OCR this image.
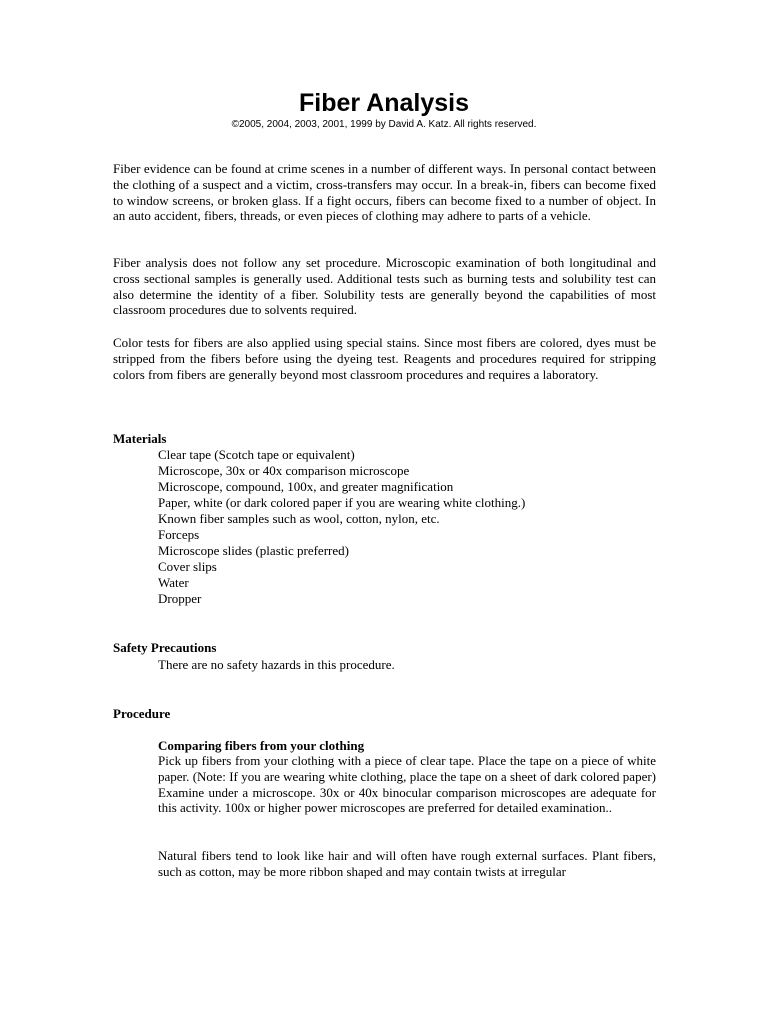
Fiber Analysis
©2005, 2004, 2003, 2001, 1999 by David A. Katz. All rights reserved.

Fiber evidence can be found at crime scenes in a number of different ways. In personal contact between the clothing of a suspect and a victim, cross-transfers may occur. In a break-in, fibers can become fixed to window screens, or broken glass. If a fight occurs, fibers can become fixed to a number of object. In an auto accident, fibers, threads, or even pieces of clothing may adhere to parts of a vehicle.

Fiber analysis does not follow any set procedure. Microscopic examination of both longitudinal and cross sectional samples is generally used. Additional tests such as burning tests and solubility test can also determine the identity of a fiber. Solubility tests are generally beyond the capabilities of most classroom procedures due to solvents required.

Color tests for fibers are also applied using special stains. Since most fibers are colored, dyes must be stripped from the fibers before using the dyeing test. Reagents and procedures required for stripping colors from fibers are generally beyond most classroom procedures and requires a laboratory.

Materials

Clear tape (Scotch tape or equivalent)
Microscope, 30x or 40x comparison microscope
Microscope, compound, 100x, and greater magnification
Paper, white (or dark colored paper if you are wearing white clothing.)
Known fiber samples such as wool, cotton, nylon, etc.
Forceps
Microscope slides (plastic preferred)
Cover slips
Water
Dropper

Safety Precautions

There are no safety hazards in this procedure.

Procedure

Comparing fibers from your clothing

Pick up fibers from your clothing with a piece of clear tape. Place the tape on a piece of white paper. (Note: If you are wearing white clothing, place the tape on a sheet of dark colored paper) Examine under a microscope. 30x or 40x binocular comparison microscopes are adequate for this activity. 100x or higher power microscopes are preferred for detailed examination..

Natural fibers tend to look like hair and will often have rough external surfaces. Plant fibers, such as cotton, may be more ribbon shaped and may contain twists at irregular
